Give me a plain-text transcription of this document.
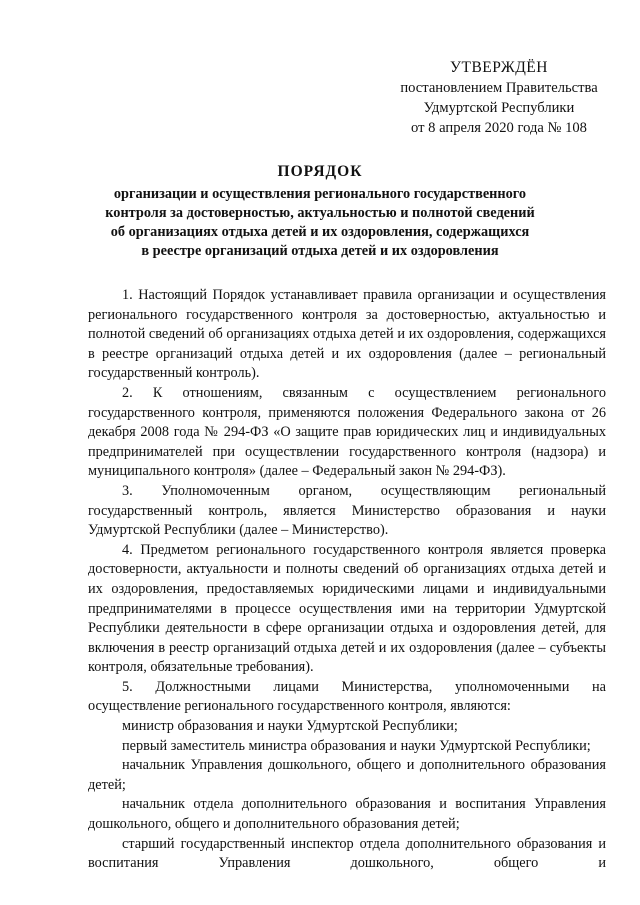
УТВЕРЖДЁН
постановлением Правительства
Удмуртской Республики
от 8 апреля 2020 года № 108
ПОРЯДОК
организации и осуществления регионального государственного
контроля за достоверностью, актуальностью и полнотой сведений
об организациях отдыха детей и их оздоровления, содержащихся
в реестре организаций отдыха детей и их оздоровления

1. Настоящий Порядок устанавливает правила организации и осуществления регионального государственного контроля за достоверностью, актуальностью и полнотой сведений об организациях отдыха детей и их оздоровления, содержащихся в реестре организаций отдыха детей и их оздоровления (далее – региональный государственный контроль).

2. К отношениям, связанным с осуществлением регионального государственного контроля, применяются положения Федерального закона от 26 декабря 2008 года № 294-ФЗ «О защите прав юридических лиц и индивидуальных предпринимателей при осуществлении государственного контроля (надзора) и муниципального контроля» (далее – Федеральный закон № 294-ФЗ).

3. Уполномоченным органом, осуществляющим региональный государственный контроль, является Министерство образования и науки Удмуртской Республики (далее – Министерство).

4. Предметом регионального государственного контроля является проверка достоверности, актуальности и полноты сведений об организациях отдыха детей и их оздоровления, предоставляемых юридическими лицами и индивидуальными предпринимателями в процессе осуществления ими на территории Удмуртской Республики деятельности в сфере организации отдыха и оздоровления детей, для включения в реестр организаций отдыха детей и их оздоровления (далее – субъекты контроля, обязательные требования).

5. Должностными лицами Министерства, уполномоченными на осуществление регионального государственного контроля, являются:

министр образования и науки Удмуртской Республики;

первый заместитель министра образования и науки Удмуртской Республики;

начальник Управления дошкольного, общего и дополнительного образования детей;

начальник отдела дополнительного образования и воспитания Управления дошкольного, общего и дополнительного образования детей;

старший государственный инспектор отдела дополнительного образования и воспитания Управления дошкольного, общего и
